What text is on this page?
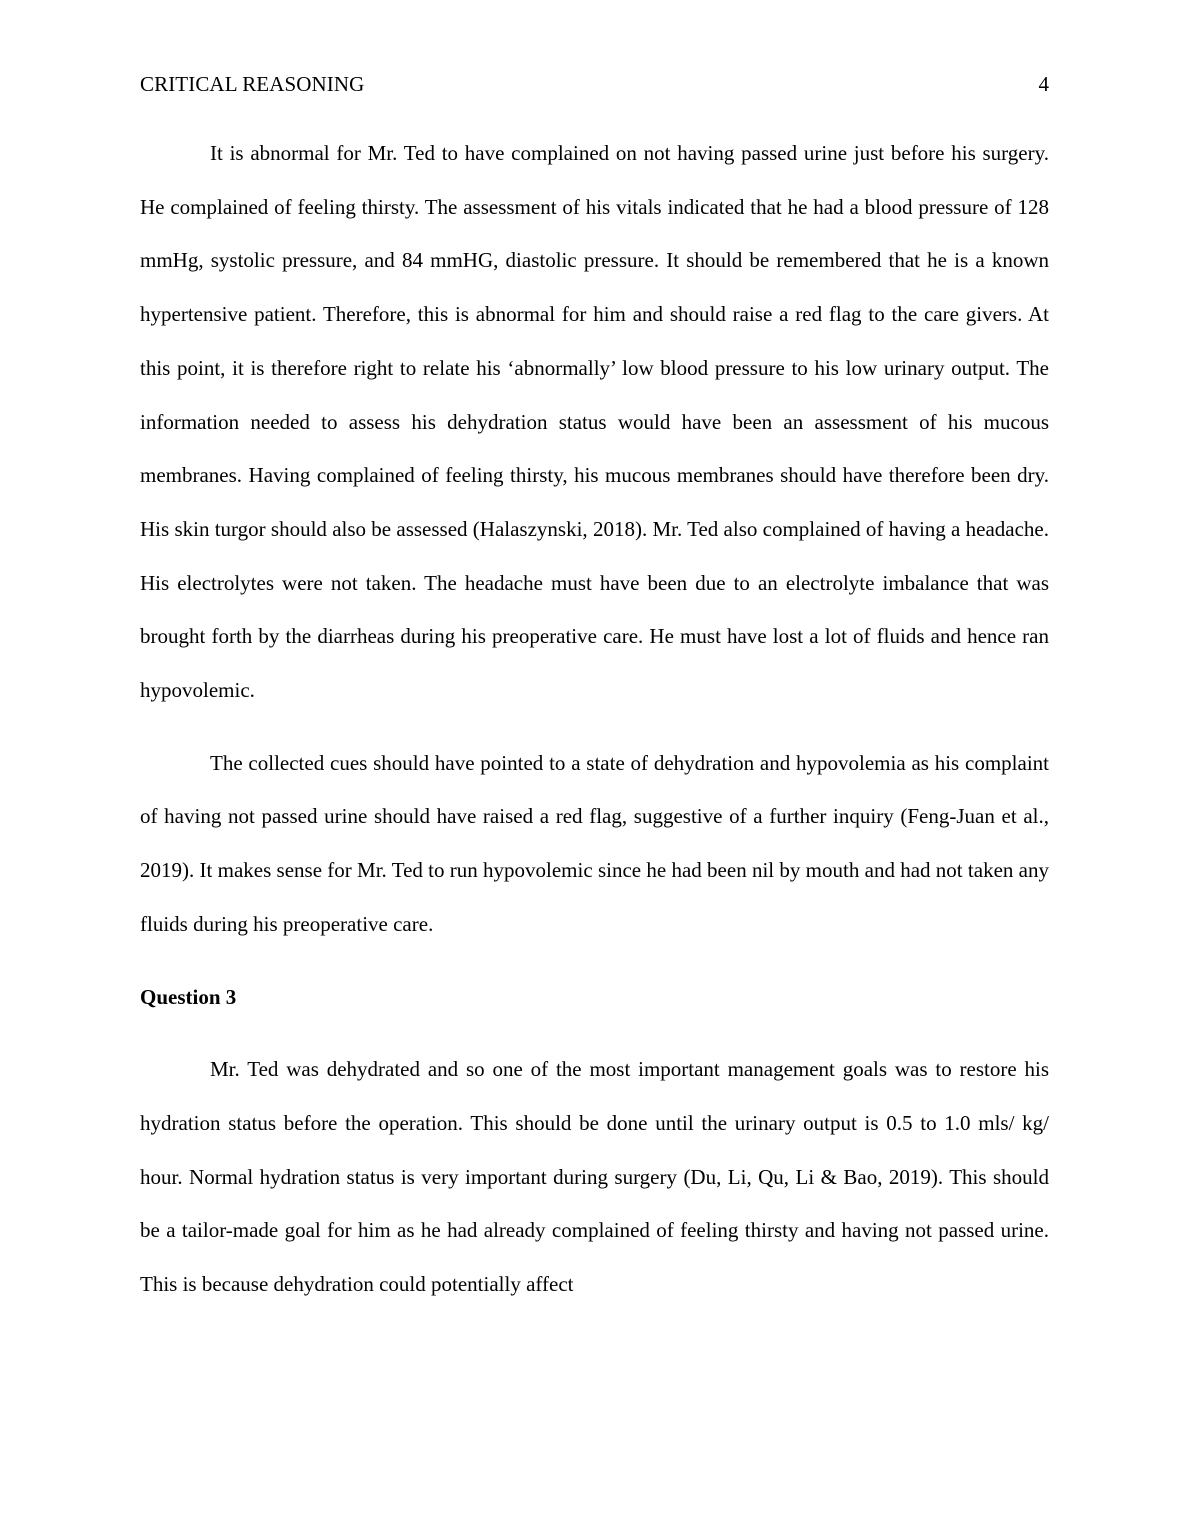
CRITICAL REASONING	4

It is abnormal for Mr. Ted to have complained on not having passed urine just before his surgery. He complained of feeling thirsty. The assessment of his vitals indicated that he had a blood pressure of 128 mmHg, systolic pressure, and 84 mmHG, diastolic pressure. It should be remembered that he is a known hypertensive patient. Therefore, this is abnormal for him and should raise a red flag to the care givers. At this point, it is therefore right to relate his ‘abnormally’ low blood pressure to his low urinary output. The information needed to assess his dehydration status would have been an assessment of his mucous membranes. Having complained of feeling thirsty, his mucous membranes should have therefore been dry. His skin turgor should also be assessed (Halaszynski, 2018). Mr. Ted also complained of having a headache. His electrolytes were not taken. The headache must have been due to an electrolyte imbalance that was brought forth by the diarrheas during his preoperative care. He must have lost a lot of fluids and hence ran hypovolemic.

The collected cues should have pointed to a state of dehydration and hypovolemia as his complaint of having not passed urine should have raised a red flag, suggestive of a further inquiry (Feng-Juan et al., 2019). It makes sense for Mr. Ted to run hypovolemic since he had been nil by mouth and had not taken any fluids during his preoperative care.

Question 3

Mr. Ted was dehydrated and so one of the most important management goals was to restore his hydration status before the operation. This should be done until the urinary output is 0.5 to 1.0 mls/ kg/ hour. Normal hydration status is very important during surgery (Du, Li, Qu, Li & Bao, 2019). This should be a tailor-made goal for him as he had already complained of feeling thirsty and having not passed urine. This is because dehydration could potentially affect
